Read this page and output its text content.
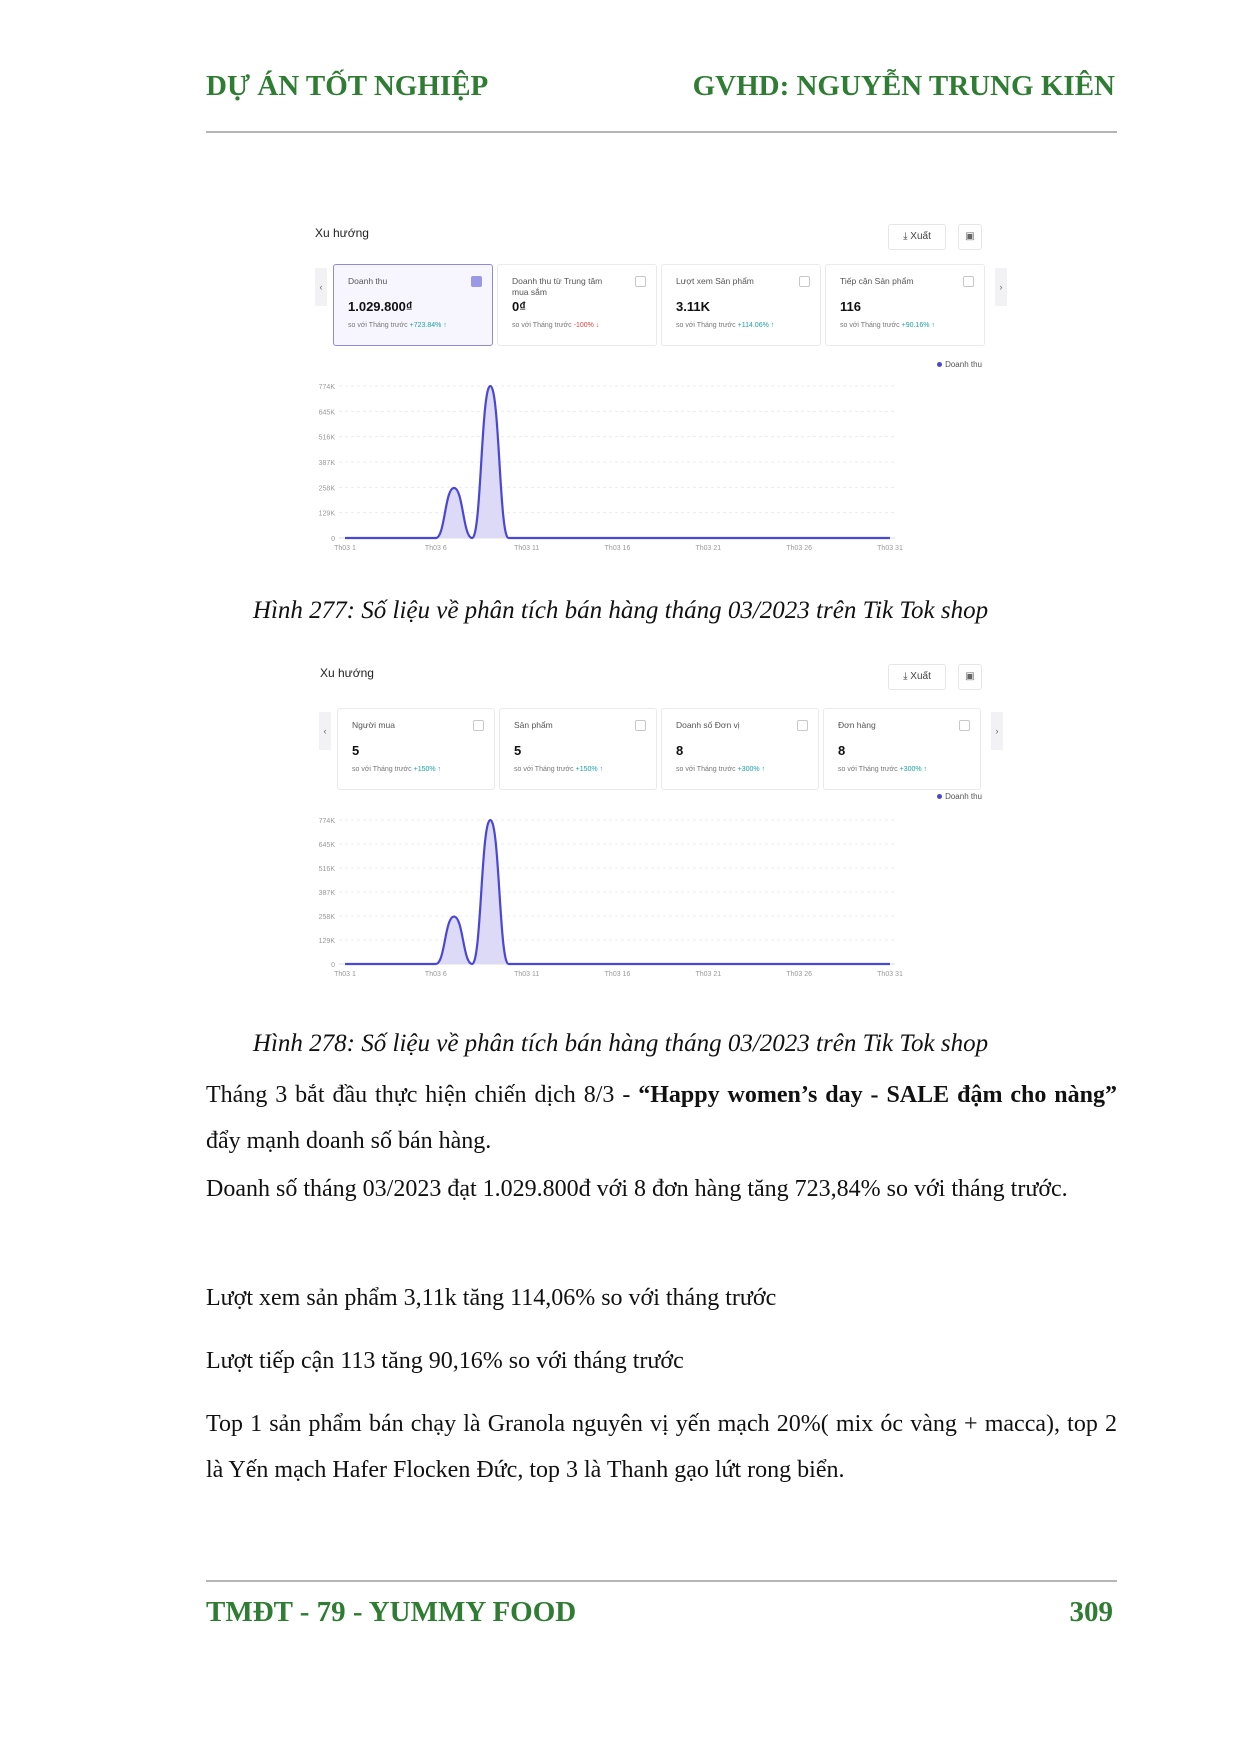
DỰ ÁN TỐT NGHIỆP	GVHD: NGUYỄN TRUNG KIÊN
Xu hướng	⤓ Xuất	▣
‹	›
Doanh thu
1.029.800₫
so với Tháng trước +723.84% ↑
Doanh thu từ Trung tâm mua sắm
0₫
so với Tháng trước -100% ↓
Lượt xem Sản phẩm
3.11K
so với Tháng trước +114.06% ↑
Tiếp cận Sản phẩm
116
so với Tháng trước +90.16% ↑
Doanh thu
0
129K
258K
387K
516K
645K
774K
Th03 1	Th03 6	Th03 11	Th03 16	Th03 21	Th03 26	Th03 31
Hình 277: Số liệu về phân tích bán hàng tháng 03/2023 trên Tik Tok shop
Xu hướng	⤓ Xuất	▣
‹	›
Người mua
5
so với Tháng trước +150% ↑
Sản phẩm
5
so với Tháng trước +150% ↑
Doanh số Đơn vị
8
so với Tháng trước +300% ↑
Đơn hàng
8
so với Tháng trước +300% ↑
Doanh thu
0
129K
258K
387K
516K
645K
774K
Th03 1	Th03 6	Th03 11	Th03 16	Th03 21	Th03 26	Th03 31
Hình 278: Số liệu về phân tích bán hàng tháng 03/2023 trên Tik Tok shop
Tháng 3 bắt đầu thực hiện chiến dịch 8/3 - “Happy women’s day - SALE đậm cho nàng” đẩy mạnh doanh số bán hàng.
Doanh số tháng 03/2023 đạt 1.029.800đ với 8 đơn hàng tăng 723,84% so với tháng trước.
Lượt xem sản phẩm 3,11k tăng 114,06% so với tháng trước
Lượt tiếp cận 113 tăng 90,16% so với tháng trước
Top 1 sản phẩm bán chạy là Granola nguyên vị yến mạch 20%( mix óc vàng + macca), top 2 là Yến mạch Hafer Flocken Đức, top 3 là Thanh gạo lứt rong biển.
TMĐT - 79 - YUMMY FOOD	309
